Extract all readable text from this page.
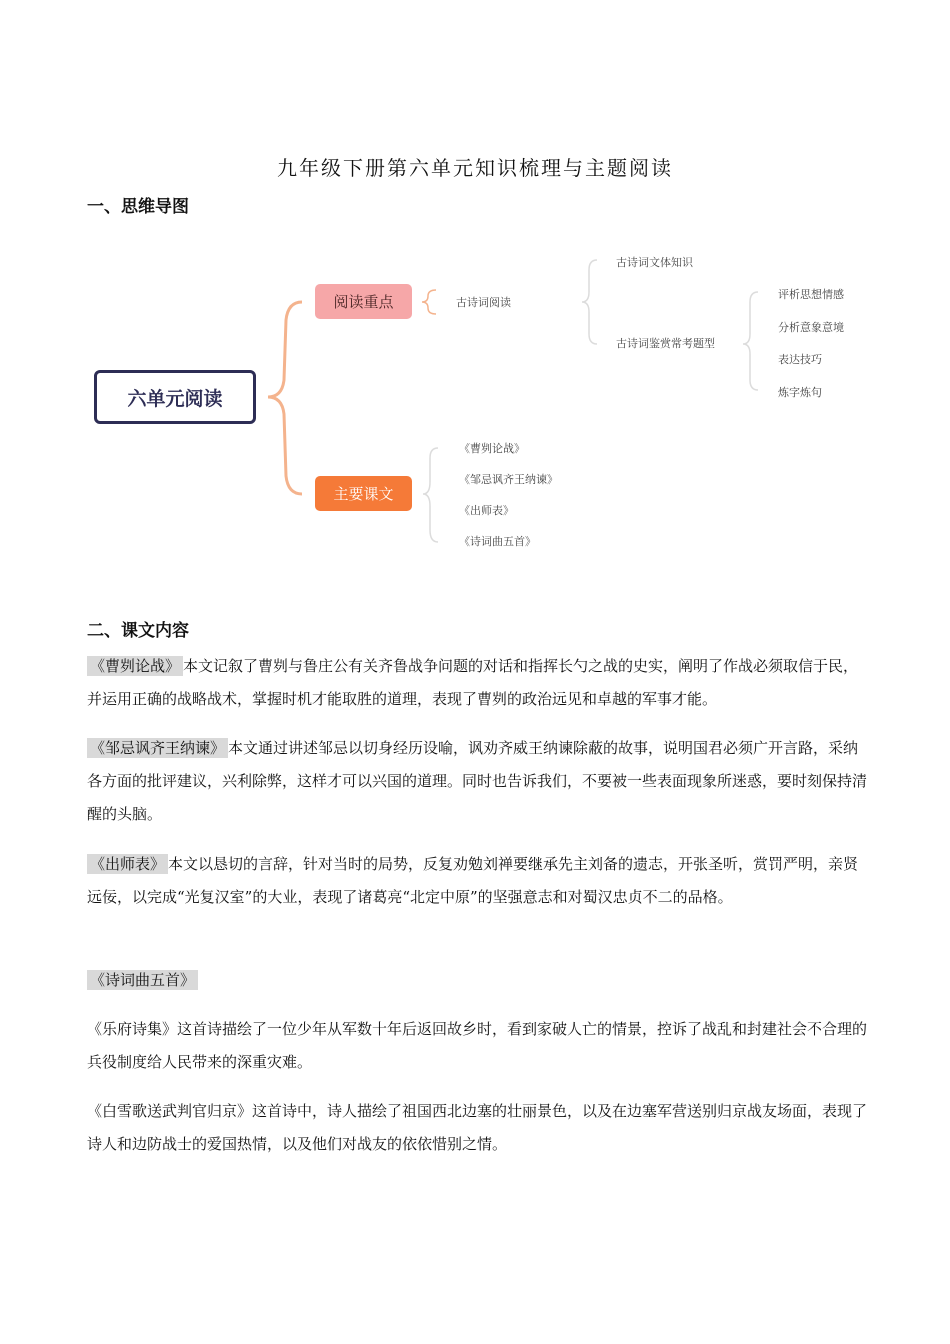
九年级下册第六单元知识梳理与主题阅读
一、思维导图
六单元阅读
阅读重点
主要课文
古诗词阅读
古诗词文体知识
古诗词鉴赏常考题型
评析思想情感
分析意象意境
表达技巧
炼字炼句
《曹刿论战》
《邹忌讽齐王纳谏》
《出师表》
《诗词曲五首》
二、课文内容

《曹刿论战》 本文记叙了曹刿与鲁庄公有关齐鲁战争问题的对话和指挥长勺之战的史实，阐明了作战必须取信于民，并运用正确的战略战术，掌握时机才能取胜的道理，表现了曹刿的政治远见和卓越的军事才能。

《邹忌讽齐王纳谏》 本文通过讲述邹忌以切身经历设喻，讽劝齐威王纳谏除蔽的故事，说明国君必须广开言路，采纳各方面的批评建议，兴利除弊，这样才可以兴国的道理。同时也告诉我们，不要被一些表面现象所迷惑，要时刻保持清醒的头脑。

《出师表》 本文以恳切的言辞，针对当时的局势，反复劝勉刘禅要继承先主刘备的遗志，开张圣听，赏罚严明，亲贤远佞，以完成“光复汉室”的大业，表现了诸葛亮“北定中原”的坚强意志和对蜀汉忠贞不二的品格。

《诗词曲五首》

《乐府诗集》这首诗描绘了一位少年从军数十年后返回故乡时，看到家破人亡的情景，控诉了战乱和封建社会不合理的兵役制度给人民带来的深重灾难。

《白雪歌送武判官归京》这首诗中，诗人描绘了祖国西北边塞的壮丽景色，以及在边塞军营送别归京战友场面，表现了诗人和边防战士的爱国热情，以及他们对战友的依依惜别之情。
